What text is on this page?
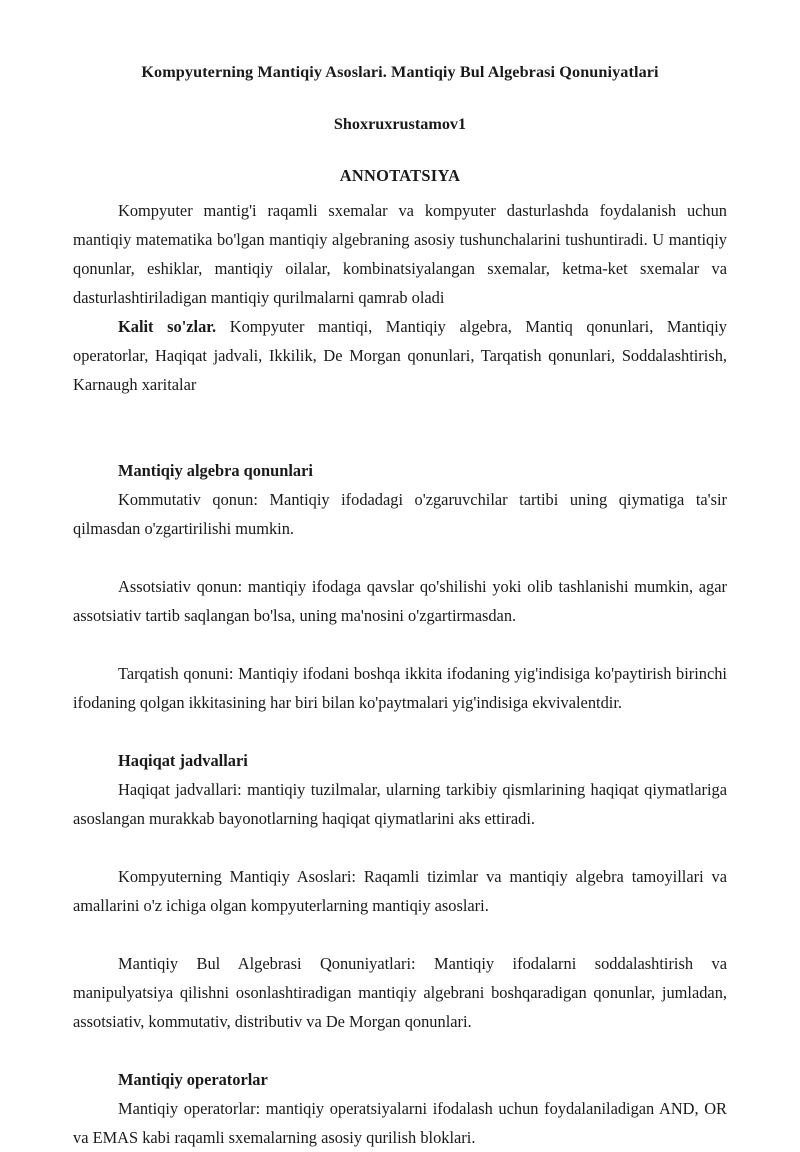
Kompyuterning Mantiqiy Asoslari. Mantiqiy Bul Algebrasi Qonuniyatlari
Shoxruxrustamov1
ANNOTATSIYA

Kompyuter mantig'i raqamli sxemalar va kompyuter dasturlashda foydalanish uchun mantiqiy matematika bo'lgan mantiqiy algebraning asosiy tushunchalarini tushuntiradi. U mantiqiy qonunlar, eshiklar, mantiqiy oilalar, kombinatsiyalangan sxemalar, ketma-ket sxemalar va dasturlashtiriladigan mantiqiy qurilmalarni qamrab oladi

Kalit so'zlar. Kompyuter mantiqi, Mantiqiy algebra, Mantiq qonunlari, Mantiqiy operatorlar, Haqiqat jadvali, Ikkilik, De Morgan qonunlari, Tarqatish qonunlari, Soddalashtirish, Karnaugh xaritalar

Mantiqiy algebra qonunlari

Kommutativ qonun: Mantiqiy ifodadagi o'zgaruvchilar tartibi uning qiymatiga ta'sir qilmasdan o'zgartirilishi mumkin.

Assotsiativ qonun: mantiqiy ifodaga qavslar qo'shilishi yoki olib tashlanishi mumkin, agar assotsiativ tartib saqlangan bo'lsa, uning ma'nosini o'zgartirmasdan.

Tarqatish qonuni: Mantiqiy ifodani boshqa ikkita ifodaning yig'indisiga ko'paytirish birinchi ifodaning qolgan ikkitasining har biri bilan ko'paytmalari yig'indisiga ekvivalentdir.

Haqiqat jadvallari

Haqiqat jadvallari: mantiqiy tuzilmalar, ularning tarkibiy qismlarining haqiqat qiymatlariga asoslangan murakkab bayonotlarning haqiqat qiymatlarini aks ettiradi.

Kompyuterning Mantiqiy Asoslari: Raqamli tizimlar va mantiqiy algebra tamoyillari va amallarini o'z ichiga olgan kompyuterlarning mantiqiy asoslari.

Mantiqiy Bul Algebrasi Qonuniyatlari: Mantiqiy ifodalarni soddalashtirish va manipulyatsiya qilishni osonlashtiradigan mantiqiy algebrani boshqaradigan qonunlar, jumladan, assotsiativ, kommutativ, distributiv va De Morgan qonunlari.

Mantiqiy operatorlar

Mantiqiy operatorlar: mantiqiy operatsiyalarni ifodalash uchun foydalaniladigan AND, OR va EMAS kabi raqamli sxemalarning asosiy qurilish bloklari.
